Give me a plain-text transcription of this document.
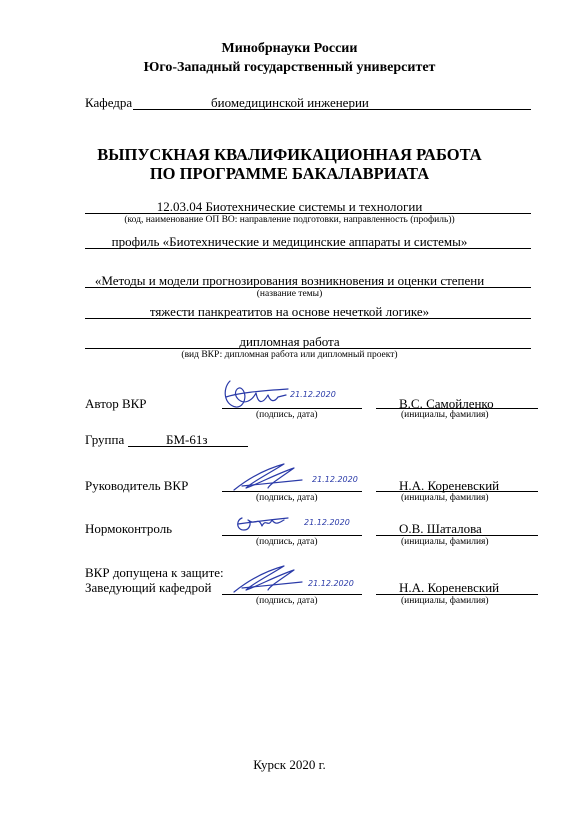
Минобрнауки России
Юго-Западный государственный университет
Кафедра	биомедицинской инженерии
ВЫПУСКНАЯ КВАЛИФИКАЦИОННАЯ РАБОТА
ПО ПРОГРАММЕ БАКАЛАВРИАТА
12.03.04 Биотехнические системы и технологии
(код, наименование ОП ВО: направление подготовки, направленность (профиль))
профиль «Биотехнические и медицинские аппараты и системы»
«Методы и модели прогнозирования возникновения и оценки степени
(название темы)
тяжести панкреатитов на основе нечеткой логике»
дипломная работа
(вид ВКР: дипломная работа или дипломный проект)
Автор ВКР
(подпись, дата)
В.С. Самойленко
(инициалы, фамилия)
21.12.2020
Группа	БМ-61з
Руководитель ВКР
(подпись, дата)
Н.А. Кореневский
(инициалы, фамилия)
21.12.2020
Нормоконтроль
(подпись, дата)
О.В. Шаталова
(инициалы, фамилия)
21.12.2020
ВКР допущена к защите:
Заведующий кафедрой
(подпись, дата)
Н.А. Кореневский
(инициалы, фамилия)
21.12.2020
Курск 2020 г.
